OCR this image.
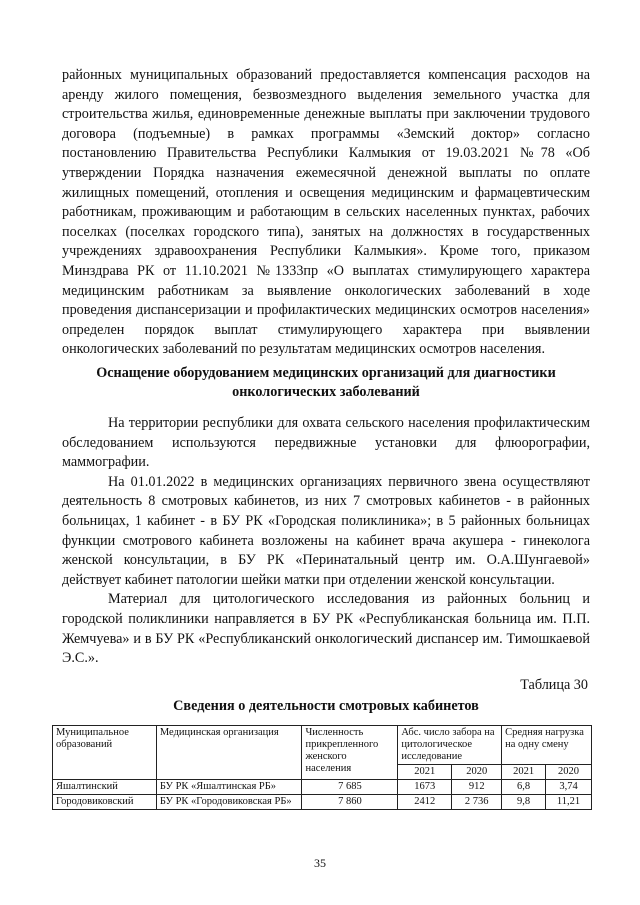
районных муниципальных образований предоставляется компенсация расходов на аренду жилого помещения, безвозмездного выделения земельного участка для строительства жилья, единовременные денежные выплаты при заключении трудового договора (подъемные) в рамках программы «Земский доктор» согласно постановлению Правительства Республики Калмыкия от 19.03.2021 №78 «Об утверждении Порядка назначения ежемесячной денежной выплаты по оплате жилищных помещений, отопления и освещения медицинским и фармацевтическим работникам, проживающим и работающим в сельских населенных пунктах, рабочих поселках (поселках городского типа), занятых на должностях в государственных учреждениях здравоохранения Республики Калмыкия». Кроме того, приказом Минздрава РК от 11.10.2021 №1333пр «О выплатах стимулирующего характера медицинским работникам за выявление онкологических заболеваний в ходе проведения диспансеризации и профилактических медицинских осмотров населения» определен порядок выплат стимулирующего характера при выявлении онкологических заболеваний по результатам медицинских осмотров населения.

Оснащение оборудованием медицинских организаций для диагностики онкологических заболеваний

На территории республики для охвата сельского населения профилактическим обследованием используются передвижные установки для флюорографии, маммографии.

На 01.01.2022 в медицинских организациях первичного звена осуществляют деятельность 8 смотровых кабинетов, из них 7 смотровых кабинетов - в районных больницах, 1 кабинет - в БУ РК «Городская поликлиника»; в 5 районных больницах функции смотрового кабинета возложены на кабинет врача акушера - гинеколога женской консультации, в БУ РК «Перинатальный центр им. О.А.Шунгаевой» действует кабинет патологии шейки матки при отделении женской консультации.

Материал для цитологического исследования из районных больниц и городской поликлиники направляется в БУ РК «Республиканская больница им. П.П. Жемчуева» и в БУ РК «Республиканский онкологический диспансер им. Тимошкаевой Э.С.».

Таблица 30
Сведения о деятельности смотровых кабинетов
Муниципальное образований	Медицинская организация	Численность прикрепленного женского населения	Абс. число забора на цитологическое исследование		Средняя нагрузка на одну смену	
			2021	2020	2021	2020
Яшалтинский	БУ РК «Яшалтинская РБ»	7 685	1673	912	6,8	3,74
Городовиковский	БУ РК «Городовиковская РБ»	7 860	2412	2 736	9,8	11,21
35
